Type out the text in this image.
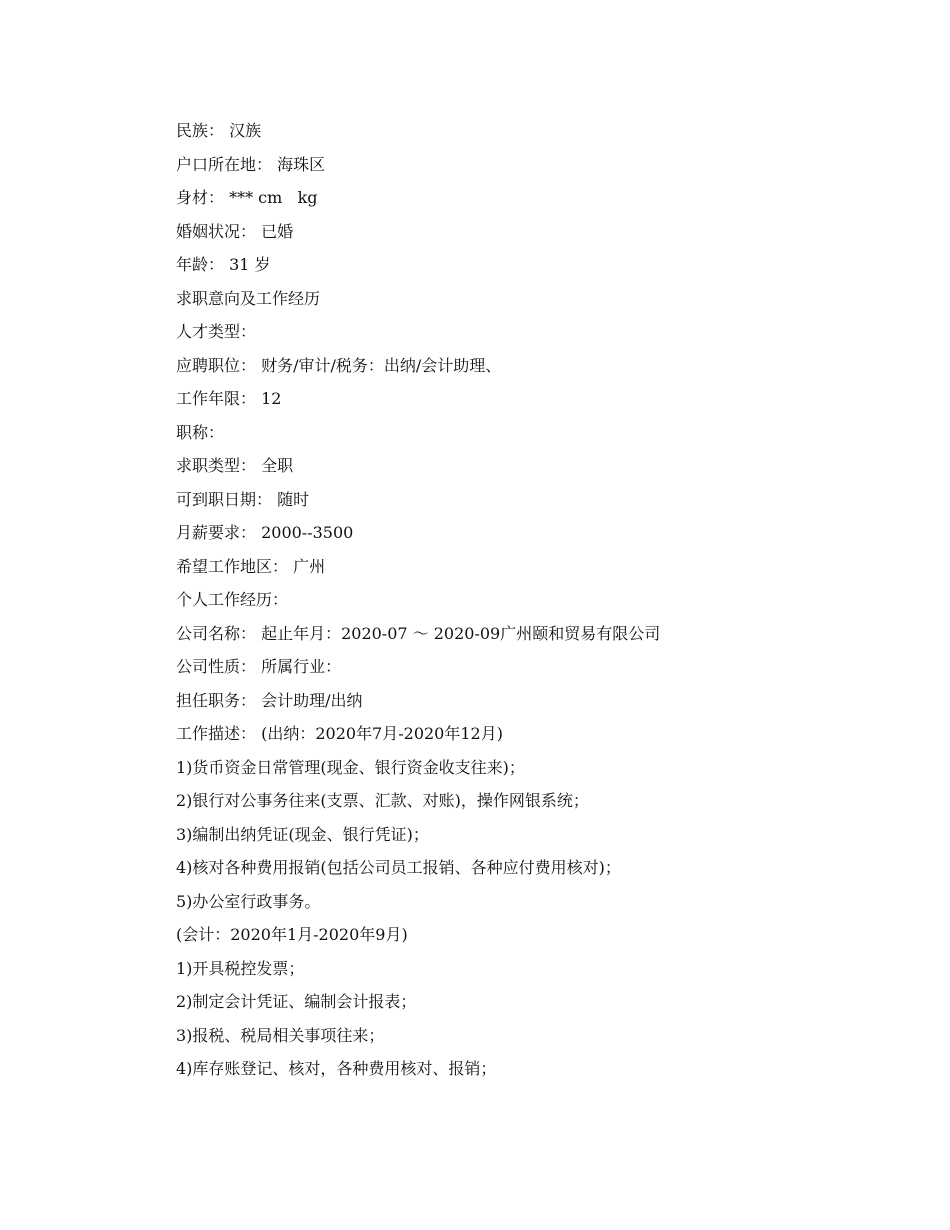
民族： 汉族
户口所在地： 海珠区
身材： *** cm   kg
婚姻状况： 已婚
年龄： 31 岁
求职意向及工作经历
人才类型：
应聘职位： 财务/审计/税务：出纳/会计助理、
工作年限： 12
职称：
求职类型： 全职
可到职日期： 随时
月薪要求： 2000--3500
希望工作地区： 广州
个人工作经历：
公司名称： 起止年月：2020-07 ～ 2020-09广州颐和贸易有限公司
公司性质： 所属行业：
担任职务： 会计助理/出纳
工作描述： (出纳：2020年7月-2020年12月)
1)货币资金日常管理(现金、银行资金收支往来)；
2)银行对公事务往来(支票、汇款、对账)，操作网银系统；
3)编制出纳凭证(现金、银行凭证)；
4)核对各种费用报销(包括公司员工报销、各种应付费用核对)；
5)办公室行政事务。
(会计：2020年1月-2020年9月)
1)开具税控发票；
2)制定会计凭证、编制会计报表；
3)报税、税局相关事项往来；
4)库存账登记、核对，各种费用核对、报销；
